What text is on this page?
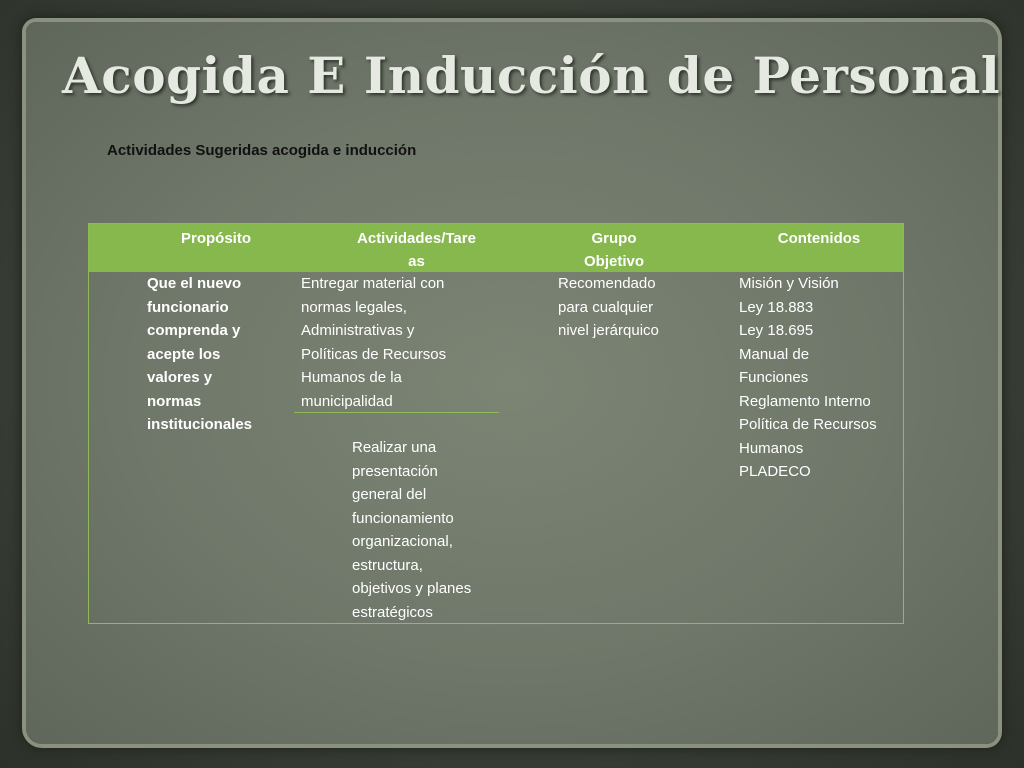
Acogida E Inducción de Personal
Actividades Sugeridas acogida e inducción
Propósito	Actividades/Tare
as
Grupo
Objetivo
Contenidos
Que el nuevo
funcionario
comprenda y
acepte los
valores y
normas
institucionales
Entregar material con
normas legales,
Administrativas y
Políticas de Recursos
Humanos de la
municipalidad
Realizar una
presentación
general del
funcionamiento
organizacional,
estructura,
objetivos y planes
estratégicos
Recomendado
para cualquier
nivel jerárquico
Misión y Visión
Ley 18.883
Ley 18.695
Manual de
Funciones
Reglamento Interno
Política de Recursos
Humanos
PLADECO
